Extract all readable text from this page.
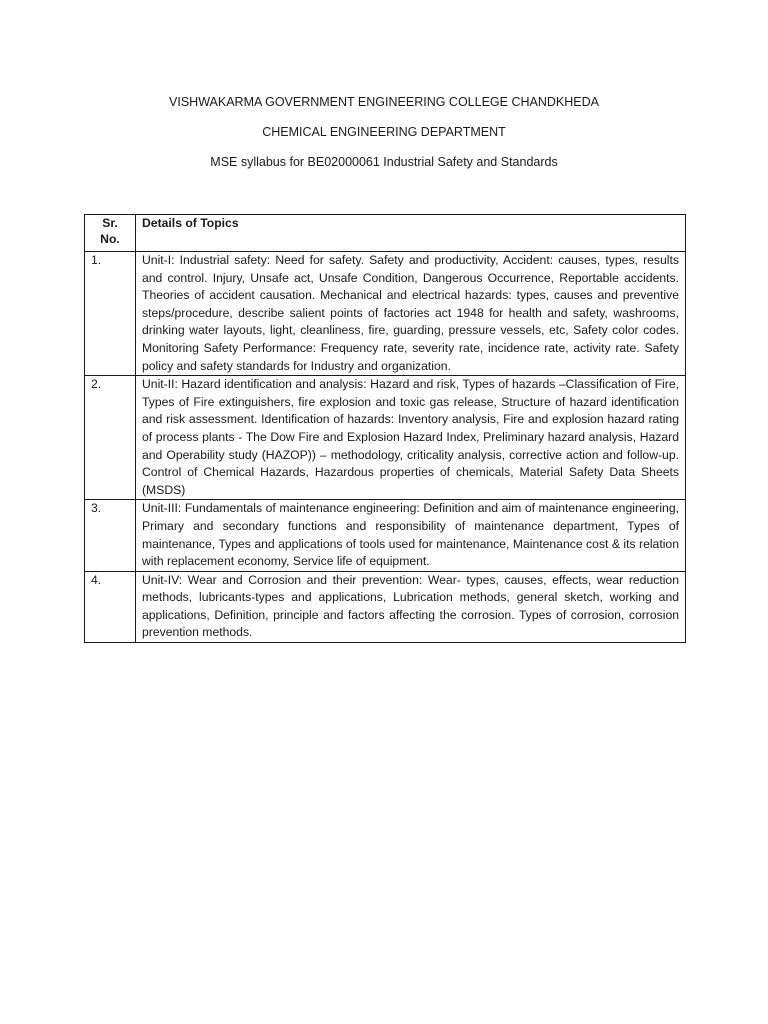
VISHWAKARMA GOVERNMENT ENGINEERING COLLEGE CHANDKHEDA
CHEMICAL ENGINEERING DEPARTMENT
MSE syllabus for BE02000061 Industrial Safety and Standards
Sr.
No.	Details of Topics
1.	Unit-I: Industrial safety: Need for safety. Safety and productivity, Accident: causes, types, results and control. Injury, Unsafe act, Unsafe Condition, Dangerous Occurrence, Reportable accidents. Theories of accident causation. Mechanical and electrical hazards: types, causes and preventive steps/procedure, describe salient points of factories act 1948 for health and safety, washrooms, drinking water layouts, light, cleanliness, fire, guarding, pressure vessels, etc, Safety color codes. Monitoring Safety Performance: Frequency rate, severity rate, incidence rate, activity rate. Safety policy and safety standards for Industry and organization.
2.	Unit-II: Hazard identification and analysis: Hazard and risk, Types of hazards –Classification of Fire, Types of Fire extinguishers, fire explosion and toxic gas release, Structure of hazard identification and risk assessment. Identification of hazards: Inventory analysis, Fire and explosion hazard rating of process plants - The Dow Fire and Explosion Hazard Index, Preliminary hazard analysis, Hazard and Operability study (HAZOP)) – methodology, criticality analysis, corrective action and follow-up. Control of Chemical Hazards, Hazardous properties of chemicals, Material Safety Data Sheets (MSDS)
3.	Unit-III: Fundamentals of maintenance engineering: Definition and aim of maintenance engineering, Primary and secondary functions and responsibility of maintenance department, Types of maintenance, Types and applications of tools used for maintenance, Maintenance cost & its relation with replacement economy, Service life of equipment.
4.	Unit-IV: Wear and Corrosion and their prevention: Wear- types, causes, effects, wear reduction methods, lubricants-types and applications, Lubrication methods, general sketch, working and applications, Definition, principle and factors affecting the corrosion. Types of corrosion, corrosion prevention methods.
